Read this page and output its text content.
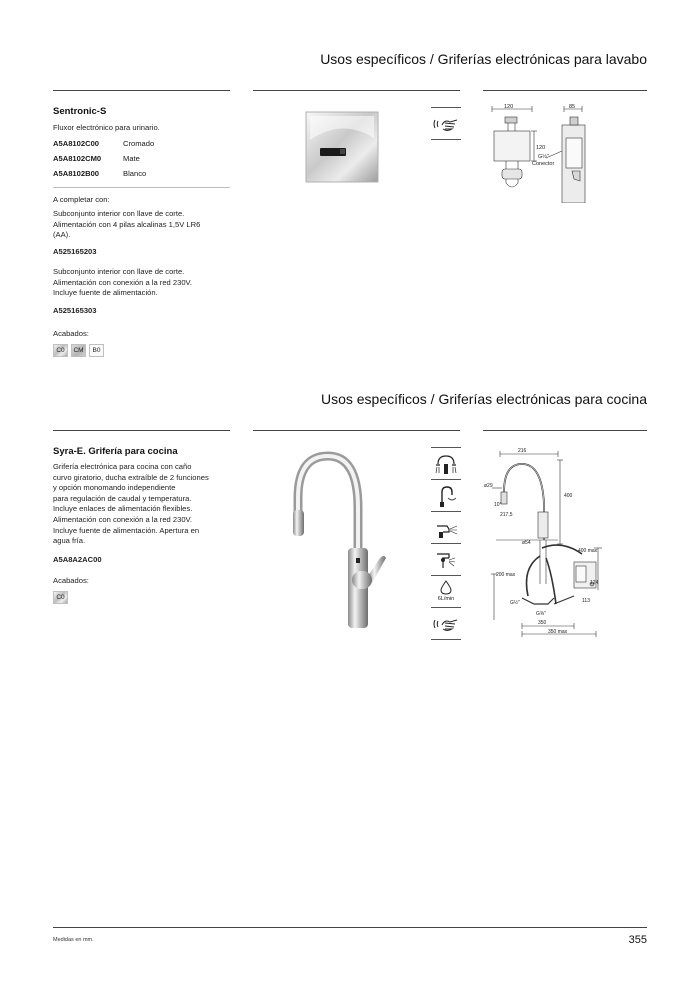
Usos específicos / Griferías electrónicas para lavabo
Sentronic-S
Fluxor electrónico para urinario.
A5A8102C00	Cromado
A5A8102CM0	Mate
A5A8102B00	Blanco
A completar con:
Subconjunto interior con llave de corte.
Alimentación con 4 pilas alcalinas 1,5V LR6
(AA).
A525165203
Subconjunto interior con llave de corte.
Alimentación con conexión a la red 230V.
Incluye fuente de alimentación.
A525165303
Acabados:
C0	CM	B0
120
120
85
G½"
Conector
Usos específicos / Griferías electrónicas para cocina
Syra-E. Grifería para cocina
Grifería electrónica para cocina con caño
curvo giratorio, ducha extraíble de 2 funciones
y opción monomando independiente
para regulación de caudal y temperatura.
Incluye enlaces de alimentación flexibles.
Alimentación con conexión a la red 230V.
Incluye fuente de alimentación. Apertura en
agua fría.
A5A8A2AC00
Acabados:
C0	6L/min
216
400
ø29
10°
217,5
ø54
400 max
200 max
124
113
G½"
G⅜"
350
350 max
Medidas en mm.	355
